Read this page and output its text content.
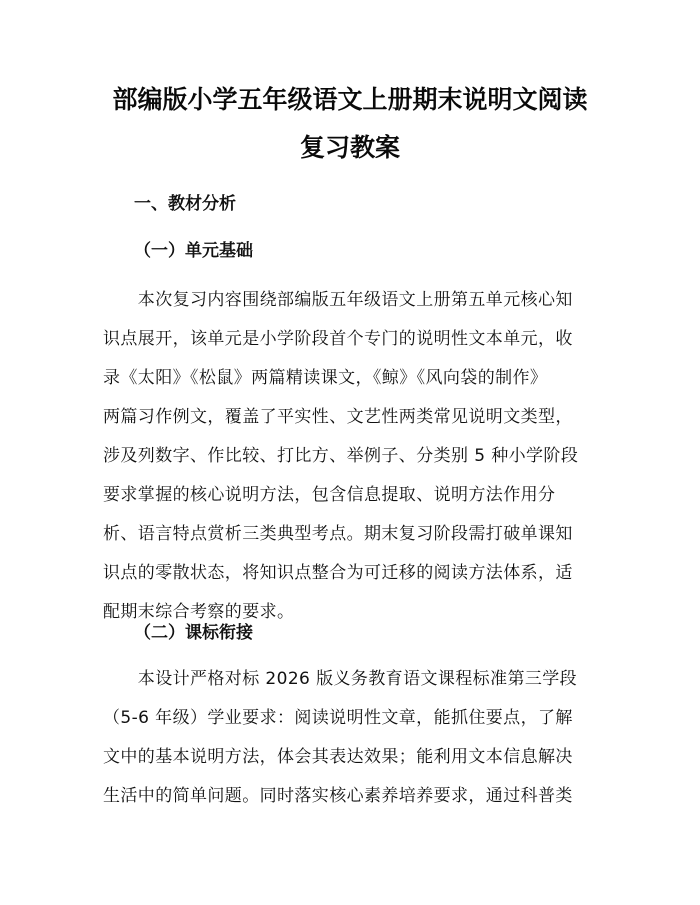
部编版小学五年级语文上册期末说明文阅读
复习教案
一、教材分析
（一）单元基础

　　本次复习内容围绕部编版五年级语文上册第五单元核心知
识点展开，该单元是小学阶段首个专门的说明性文本单元，收
录《太阳》《松鼠》两篇精读课文，《鲸》《风向袋的制作》
两篇习作例文，覆盖了平实性、文艺性两类常见说明文类型，
涉及列数字、作比较、打比方、举例子、分类别 5 种小学阶段
要求掌握的核心说明方法，包含信息提取、说明方法作用分
析、语言特点赏析三类典型考点。期末复习阶段需打破单课知
识点的零散状态，将知识点整合为可迁移的阅读方法体系，适
配期末综合考察的要求。

（二）课标衔接

　　本设计严格对标 2026 版义务教育语文课程标准第三学段
（5-6 年级）学业要求：阅读说明性文章，能抓住要点，了解
文中的基本说明方法，体会其表达效果；能利用文本信息解决
生活中的简单问题。同时落实核心素养培养要求，通过科普类
